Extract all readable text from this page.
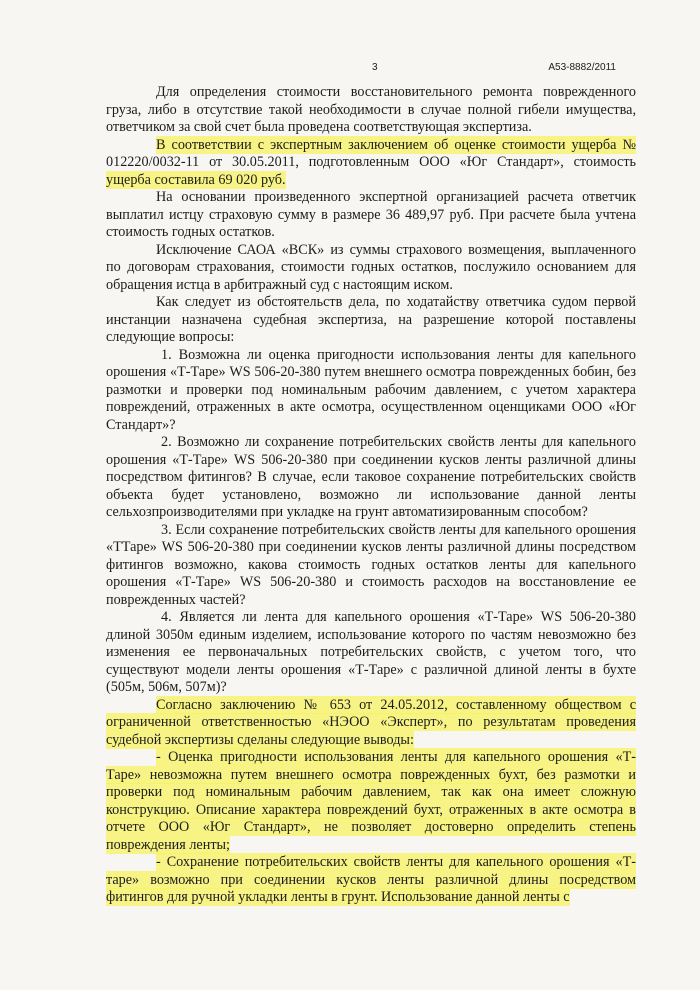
3	А53-8882/2011

Для определения стоимости восстановительного ремонта поврежденного груза, либо в отсутствие такой необходимости в случае полной гибели имущества, ответчиком за свой счет была проведена соответствующая экспертиза.

В соответствии с экспертным заключением об оценке стоимости ущерба № 012220/0032-11 от 30.05.2011, подготовленным ООО «Юг Стандарт», стоимость ущерба составила 69 020 руб.

На основании произведенного экспертной организацией расчета ответчик выплатил истцу страховую сумму в размере 36 489,97 руб. При расчете была учтена стоимость годных остатков.

Исключение САОА «ВСК» из суммы страхового возмещения, выплаченного по договорам страхования, стоимости годных остатков, послужило основанием для обращения истца в арбитражный суд с настоящим иском.

Как следует из обстоятельств дела, по ходатайству ответчика судом первой инстанции назначена судебная экспертиза, на разрешение которой поставлены следующие вопросы:

1. Возможна ли оценка пригодности использования ленты для капельного орошения «Т-Таре» WS 506-20-380 путем внешнего осмотра поврежденных бобин, без размотки и проверки под номинальным рабочим давлением, с учетом характера повреждений, отраженных в акте осмотра, осуществленном оценщиками ООО «Юг Стандарт»?

2. Возможно ли сохранение потребительских свойств ленты для капельного орошения «Т-Таре» WS 506-20-380 при соединении кусков ленты различной длины посредством фитингов? В случае, если таковое сохранение потребительских свойств объекта будет установлено, возможно ли использование данной ленты сельхозпроизводителями при укладке на грунт автоматизированным способом?

3. Если сохранение потребительских свойств ленты для капельного орошения «ТТаре» WS 506-20-380 при соединении кусков ленты различной длины посредством фитингов возможно, какова стоимость годных остатков ленты для капельного орошения «Т-Таре» WS 506-20-380 и стоимость расходов на восстановление ее поврежденных частей?

4. Является ли лента для капельного орошения «Т-Таре» WS 506-20-380 длиной 3050м единым изделием, использование которого по частям невозможно без изменения ее первоначальных потребительских свойств, с учетом того, что существуют модели ленты орошения «Т-Таре» с различной длиной ленты в бухте (505м, 506м, 507м)?

Согласно заключению № 653 от 24.05.2012, составленному обществом с ограниченной ответственностью «НЭОО «Эксперт», по результатам проведения судебной экспертизы сделаны следующие выводы:

- Оценка пригодности использования ленты для капельного орошения «Т-Таре» невозможна путем внешнего осмотра поврежденных бухт, без размотки и проверки под номинальным рабочим давлением, так как она имеет сложную конструкцию. Описание характера повреждений бухт, отраженных в акте осмотра в отчете ООО «Юг Стандарт», не позволяет достоверно определить степень повреждения ленты;

- Сохранение потребительских свойств ленты для капельного орошения «Т-таре» возможно при соединении кусков ленты различной длины посредством фитингов для ручной укладки ленты в грунт. Использование данной ленты с
